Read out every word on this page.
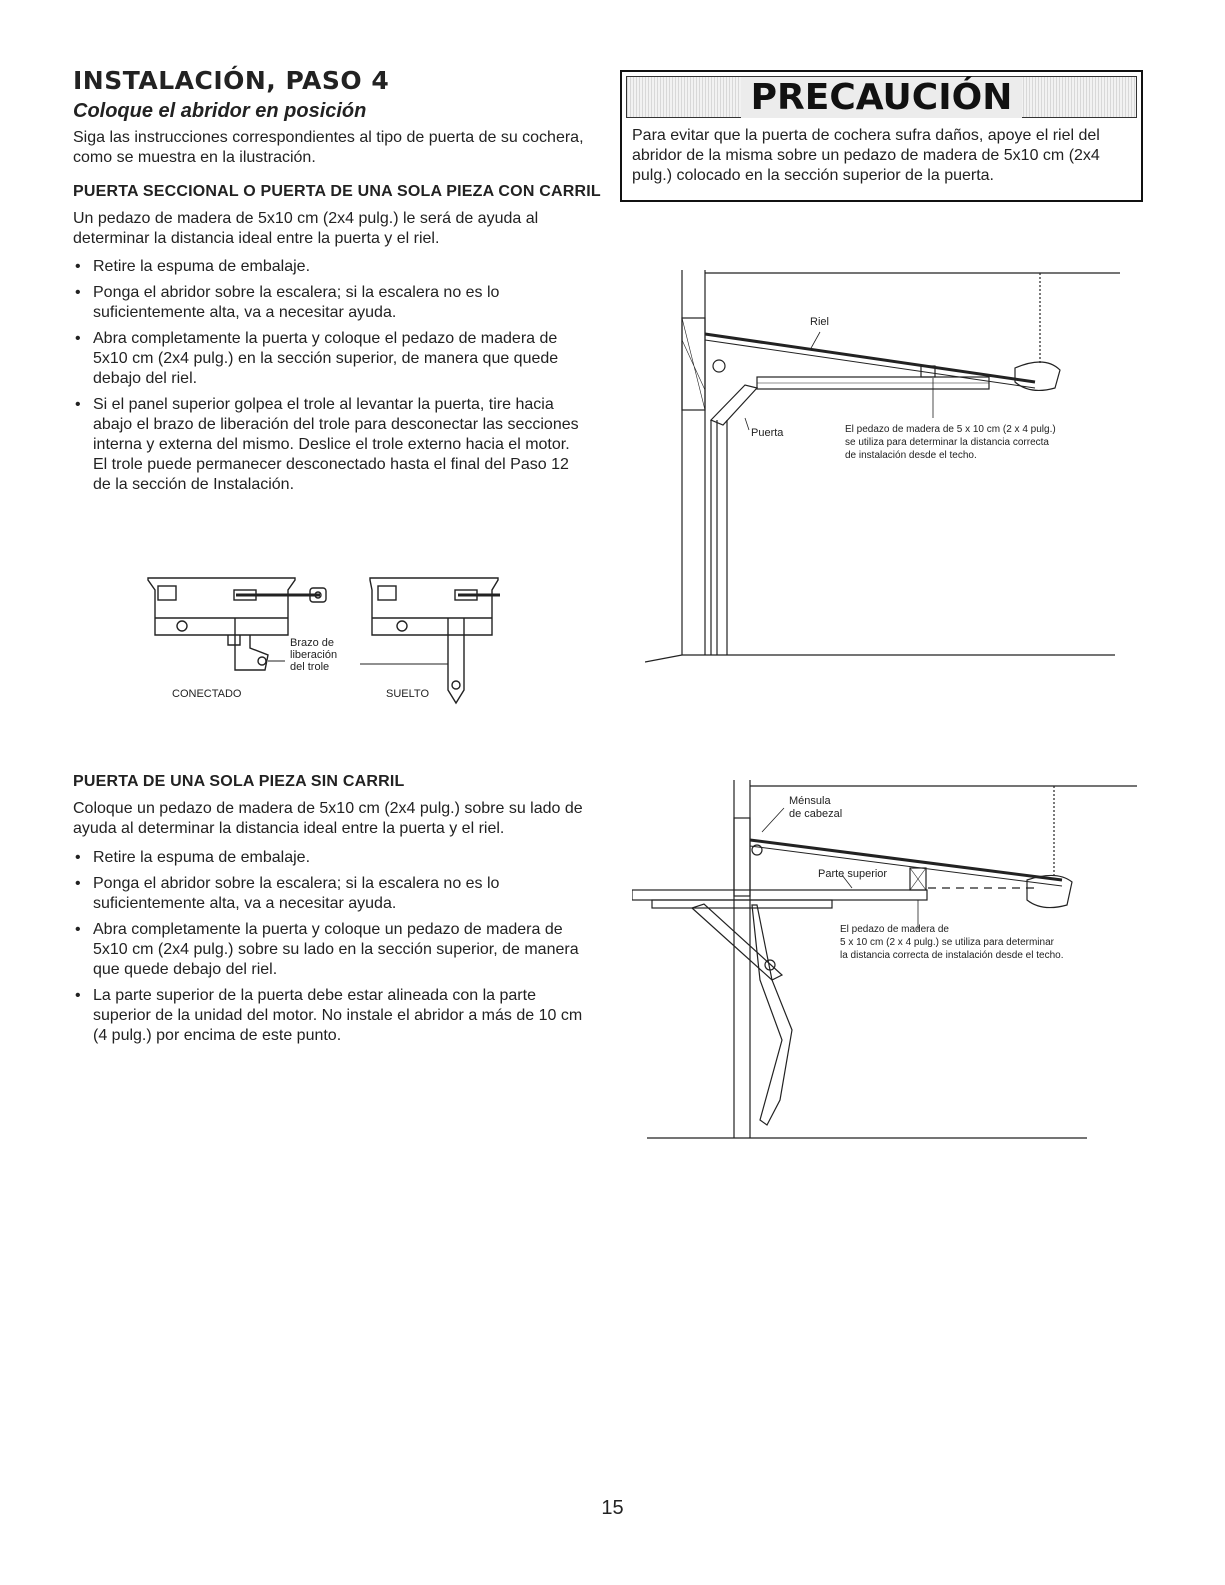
INSTALACIÓN, PASO 4
Coloque el abridor en posición
Siga las instrucciones correspondientes al tipo de puerta de su cochera, como se muestra en la ilustración.
PUERTA SECCIONAL O PUERTA DE UNA SOLA PIEZA CON CARRIL
Un pedazo de madera de 5x10 cm (2x4 pulg.) le será de ayuda al determinar la distancia ideal entre la puerta y el riel.
• Retire la espuma de embalaje.
• Ponga el abridor sobre la escalera; si la escalera no es lo suficientemente alta, va a necesitar ayuda.
• Abra completamente la puerta y coloque el pedazo de madera de 5x10 cm (2x4 pulg.) en la sección superior, de manera que quede debajo del riel.
• Si el panel superior golpea el trole al levantar la puerta, tire hacia abajo el brazo de liberación del trole para desconectar las secciones interna y externa del mismo. Deslice el trole externo hacia el motor. El trole puede permanecer desconectado hasta el final del Paso 12 de la sección de Instalación.
Brazo de
liberación
del trole
CONECTADO	SUELTO
PRECAUCIÓN
Para evitar que la puerta de cochera sufra daños, apoye el riel del abridor de la misma sobre un pedazo de madera de 5x10 cm (2x4 pulg.) colocado en la sección superior de la puerta.
Riel
Puerta	El pedazo de madera de 5 x 10 cm (2 x 4 pulg.)
se utiliza para determinar la distancia correcta
de instalación desde el techo.
PUERTA DE UNA SOLA PIEZA SIN CARRIL
Coloque un pedazo de madera de 5x10 cm (2x4 pulg.) sobre su lado de ayuda al determinar la distancia ideal entre la puerta y el riel.
• Retire la espuma de embalaje.
• Ponga el abridor sobre la escalera; si la escalera no es lo suficientemente alta, va a necesitar ayuda.
• Abra completamente la puerta y coloque un pedazo de madera de 5x10 cm (2x4 pulg.) sobre su lado en la sección superior, de manera que quede debajo del riel.
• La parte superior de la puerta debe estar alineada con la parte superior de la unidad del motor. No instale el abridor a más de 10 cm (4 pulg.) por encima de este punto.
Ménsula
de cabezal
Parte superior
El pedazo de madera de
5 x 10 cm (2 x 4 pulg.) se utiliza para determinar
la distancia correcta de instalación desde el techo.
15
